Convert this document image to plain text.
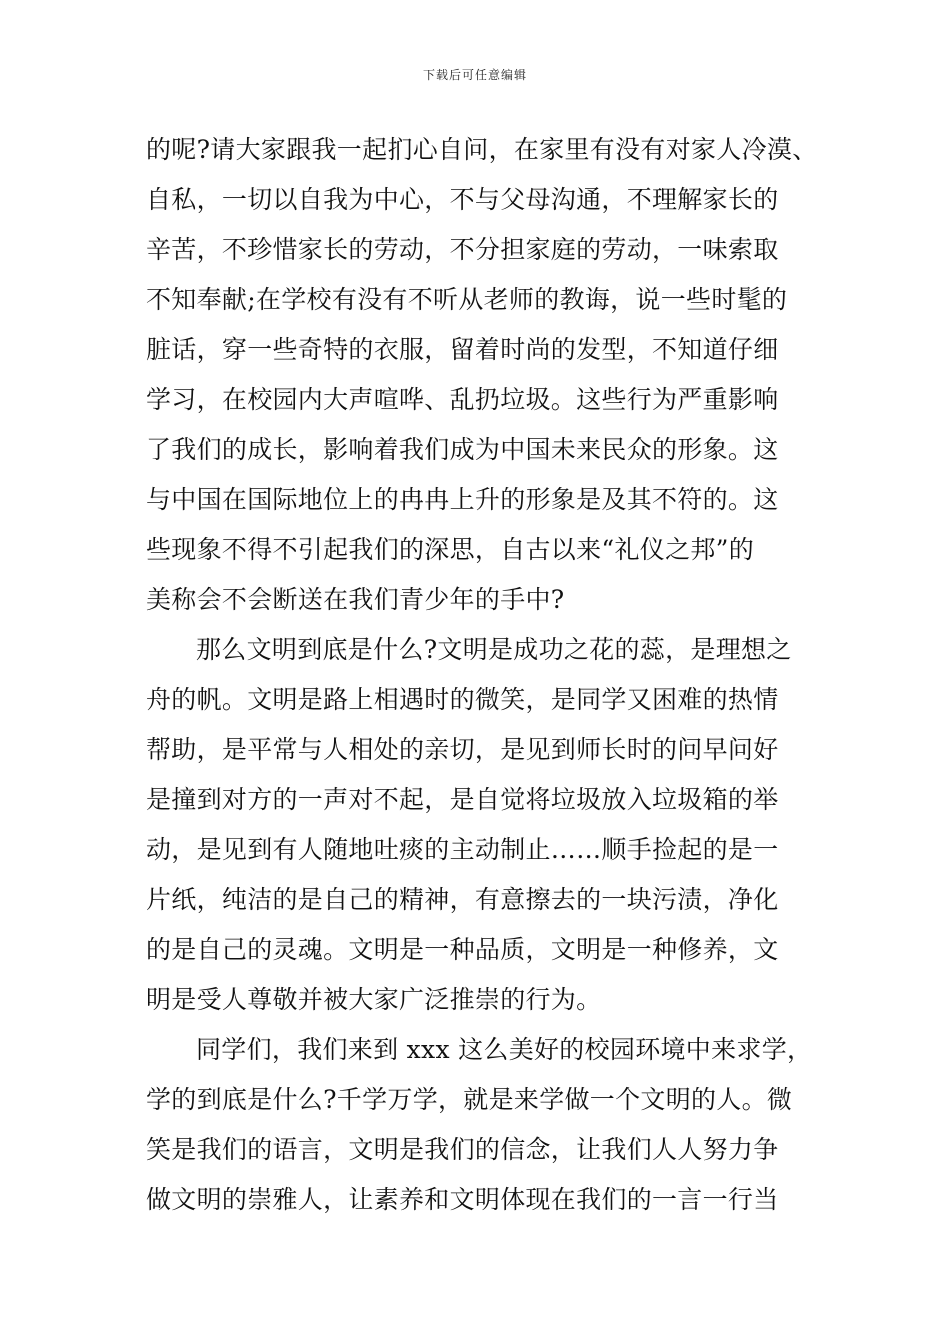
下载后可任意编辑
的呢?请大家跟我一起扪心自问，在家里有没有对家人冷漠、
自私，一切以自我为中心，不与父母沟通，不理解家长的
辛苦，不珍惜家长的劳动，不分担家庭的劳动，一味索取
不知奉献;在学校有没有不听从老师的教诲，说一些时髦的
脏话，穿一些奇特的衣服，留着时尚的发型，不知道仔细
学习，在校园内大声喧哗、乱扔垃圾。这些行为严重影响
了我们的成长，影响着我们成为中国未来民众的形象。这
与中国在国际地位上的冉冉上升的形象是及其不符的。这
些现象不得不引起我们的深思，自古以来“礼仪之邦”的
美称会不会断送在我们青少年的手中?
那么文明到底是什么?文明是成功之花的蕊，是理想之
舟的帆。文明是路上相遇时的微笑，是同学又困难的热情
帮助，是平常与人相处的亲切，是见到师长时的问早问好
是撞到对方的一声对不起，是自觉将垃圾放入垃圾箱的举
动，是见到有人随地吐痰的主动制止……顺手捡起的是一
片纸，纯洁的是自己的精神，有意擦去的一块污渍，净化
的是自己的灵魂。文明是一种品质，文明是一种修养，文
明是受人尊敬并被大家广泛推崇的行为。
同学们，我们来到 xxx 这么美好的校园环境中来求学，
学的到底是什么?千学万学，就是来学做一个文明的人。微
笑是我们的语言，文明是我们的信念，让我们人人努力争
做文明的崇雅人，让素养和文明体现在我们的一言一行当
